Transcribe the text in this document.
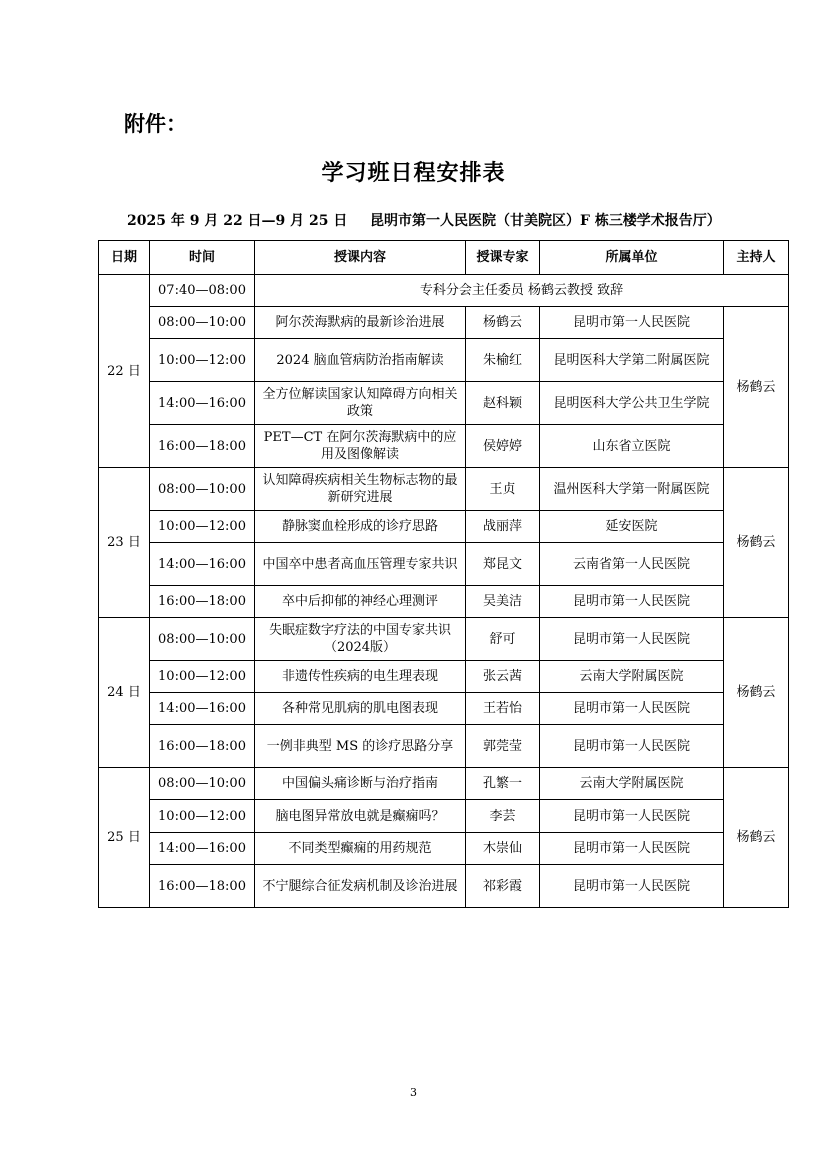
附件：
学习班日程安排表
2025 年 9 月 22 日—9 月 25 日 昆明市第一人民医院（甘美院区）F 栋三楼学术报告厅）
日期	时间	授课内容	授课专家	所属单位	主持人
22 日	07:40—08:00	专科分会主任委员 杨鹤云教授 致辞			
	08:00—10:00	阿尔茨海默病的最新诊治进展	杨鹤云	昆明市第一人民医院	杨鹤云
	10:00—12:00	2024 脑血管病防治指南解读	朱榆红	昆明医科大学第二附属医院	
	14:00—16:00	全方位解读国家认知障碍方向相关政策	赵科颖	昆明医科大学公共卫生学院	
	16:00—18:00	PET—CT 在阿尔茨海默病中的应用及图像解读	侯婷婷	山东省立医院	
23 日	08:00—10:00	认知障碍疾病相关生物标志物的最新研究进展	王贞	温州医科大学第一附属医院	杨鹤云
	10:00—12:00	静脉窦血栓形成的诊疗思路	战丽萍	延安医院	
	14:00—16:00	中国卒中患者高血压管理专家共识	郑昆文	云南省第一人民医院	
	16:00—18:00	卒中后抑郁的神经心理测评	吴美洁	昆明市第一人民医院	
24 日	08:00—10:00	失眠症数字疗法的中国专家共识（2024版）	舒可	昆明市第一人民医院	杨鹤云
	10:00—12:00	非遗传性疾病的电生理表现	张云茜	云南大学附属医院	
	14:00—16:00	各种常见肌病的肌电图表现	王若怡	昆明市第一人民医院	
	16:00—18:00	一例非典型 MS 的诊疗思路分享	郭莞莹	昆明市第一人民医院	
25 日	08:00—10:00	中国偏头痛诊断与治疗指南	孔繁一	云南大学附属医院	杨鹤云
	10:00—12:00	脑电图异常放电就是癫痫吗？	李芸	昆明市第一人民医院	
	14:00—16:00	不同类型癫痫的用药规范	木崇仙	昆明市第一人民医院	
	16:00—18:00	不宁腿综合征发病机制及诊治进展	祁彩霞	昆明市第一人民医院	
3
